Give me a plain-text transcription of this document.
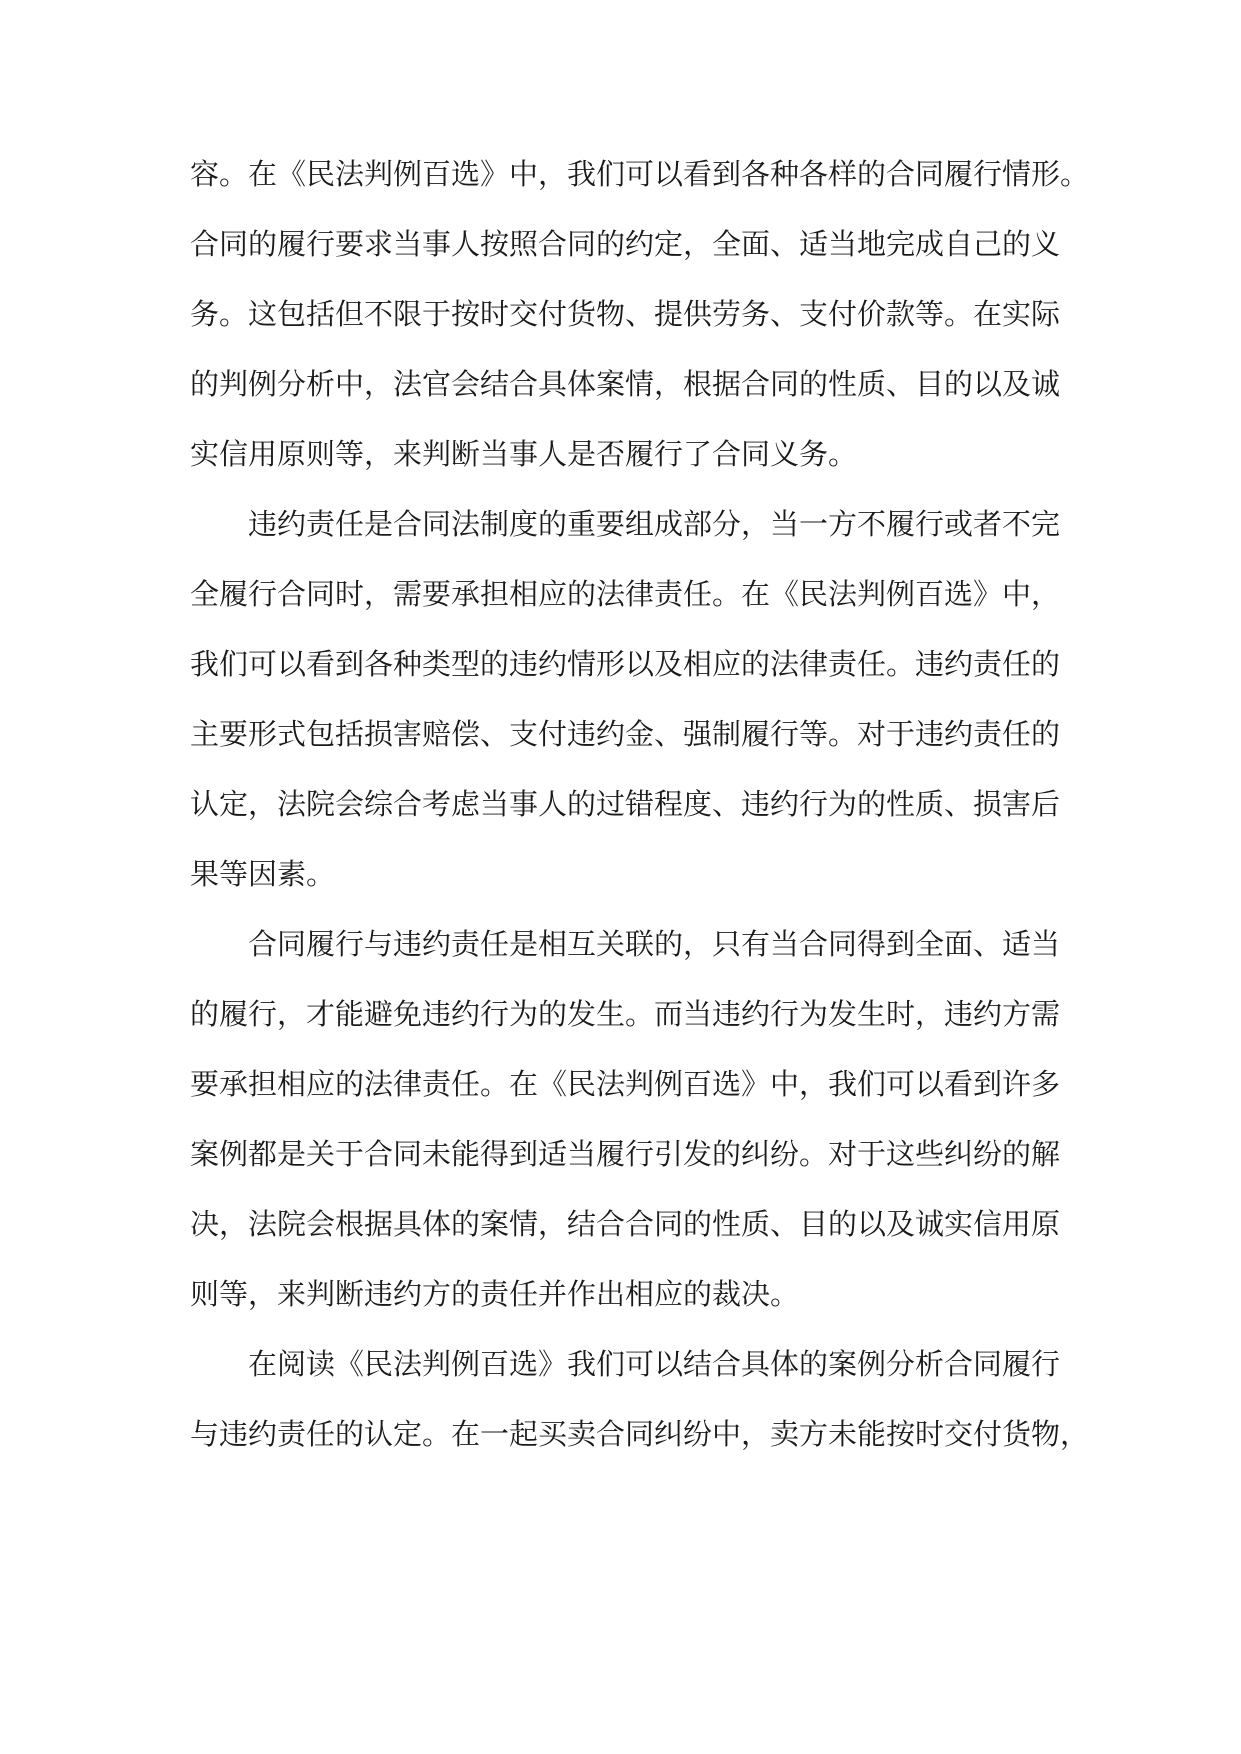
容。在《民法判例百选》中，我们可以看到各种各样的合同履行情形。
合同的履行要求当事人按照合同的约定，全面、适当地完成自己的义
务。这包括但不限于按时交付货物、提供劳务、支付价款等。在实际
的判例分析中，法官会结合具体案情，根据合同的性质、目的以及诚
实信用原则等，来判断当事人是否履行了合同义务。
违约责任是合同法制度的重要组成部分，当一方不履行或者不完
全履行合同时，需要承担相应的法律责任。在《民法判例百选》中，
我们可以看到各种类型的违约情形以及相应的法律责任。违约责任的
主要形式包括损害赔偿、支付违约金、强制履行等。对于违约责任的
认定，法院会综合考虑当事人的过错程度、违约行为的性质、损害后
果等因素。
合同履行与违约责任是相互关联的，只有当合同得到全面、适当
的履行，才能避免违约行为的发生。而当违约行为发生时，违约方需
要承担相应的法律责任。在《民法判例百选》中，我们可以看到许多
案例都是关于合同未能得到适当履行引发的纠纷。对于这些纠纷的解
决，法院会根据具体的案情，结合合同的性质、目的以及诚实信用原
则等，来判断违约方的责任并作出相应的裁决。
在阅读《民法判例百选》我们可以结合具体的案例分析合同履行
与违约责任的认定。在一起买卖合同纠纷中，卖方未能按时交付货物，
